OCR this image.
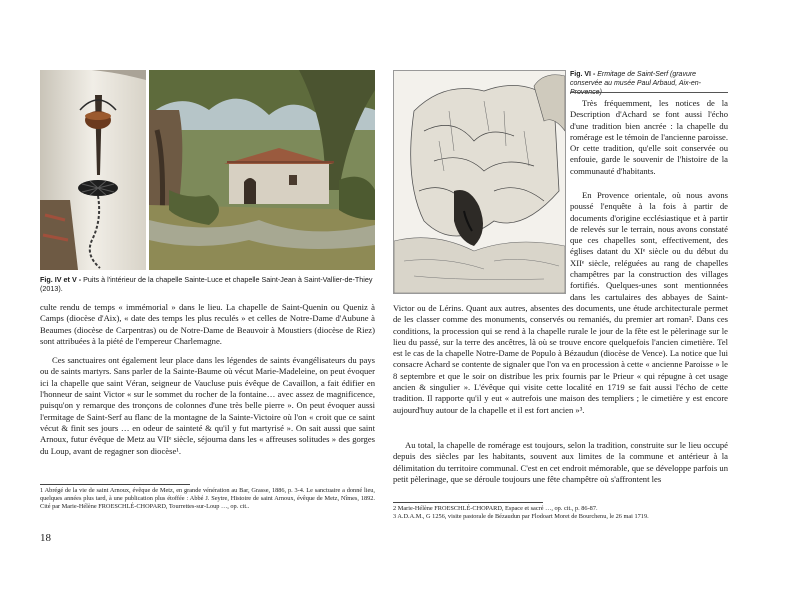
Fig. IV et V - Puits à l'intérieur de la chapelle Sainte-Luce et chapelle Saint-Jean à Saint-Vallier-de-Thiey (2013).
Fig. VI - Ermitage de Saint-Serf (gravure conservée au musée Paul Arbaud, Aix-en-Provence)

culte rendu de temps « immémorial » dans le lieu. La chapelle de Saint-Quenin ou Queniz à Camps (diocèse d'Aix), « date des temps les plus reculés » et celles de Notre-Dame d'Aubune à Beaumes (diocèse de Carpentras) ou de Notre-Dame de Beauvoir à Moustiers (diocèse de Riez) sont attribuées à la piété de l'empereur Charlemagne.

Ces sanctuaires ont également leur place dans les légendes de saints évangélisateurs du pays ou de saints martyrs. Sans parler de la Sainte-Baume où vécut Marie-Madeleine, on peut évoquer ici la chapelle que saint Véran, seigneur de Vaucluse puis évêque de Cavaillon, a fait édifier en l'honneur de saint Victor « sur le sommet du rocher de la fontaine… avec assez de magnificence, puisqu'on y remarque des tronçons de colonnes d'une très belle pierre ». On peut évoquer aussi l'ermitage de Saint-Serf au flanc de la montagne de la Sainte-Victoire où l'on « croit que ce saint vécut & finit ses jours … en odeur de sainteté & qu'il y fut martyrisé ». On sait aussi que saint Arnoux, futur évêque de Metz au VIIᵉ siècle, séjourna dans les « affreuses solitudes » des gorges du Loup, avant de regagner son diocèse¹.

1 Abrégé de la vie de saint Arnoux, évêque de Metz, en grande vénération au Bar, Grasse, 1886, p. 3-4. Le sanctuaire a donné lieu, quelques années plus tard, à une publication plus étoffée : Abbé J. Seytre, Histoire de saint Arnoux, évêque de Metz, Nîmes, 1892. Cité par Marie-Hélène FROESCHLÉ-CHOPARD, Tourrettes-sur-Loup …, op. cit..

18

Très fréquemment, les notices de la Description d'Achard se font aussi l'écho d'une tradition bien ancrée : la chapelle du romérage est le témoin de l'ancienne paroisse. Or cette tradition, qu'elle soit conservée ou enfouie, garde le souvenir de l'histoire de la communauté d'habitants.

En Provence orientale, où nous avons poussé l'enquête à la fois à partir de documents d'origine ecclésiastique et à partir de relevés sur le terrain, nous avons constaté que ces chapelles sont, effectivement, des églises datant du XIᵉ siècle ou du début du XIIᵉ siècle, reléguées au rang de chapelles champêtres par la construction des villages fortifiés. Quelques-unes sont mentionnées dans les cartulaires des abbayes de Saint-Victor ou de Lérins. Quant aux autres, absentes des documents, une étude architecturale permet de les classer comme des monuments, conservés ou remaniés, du premier art roman². Dans ces conditions, la procession qui se rend à la chapelle rurale le jour de la fête est le pèlerinage sur le lieu du passé, sur la terre des ancêtres, là où se trouve encore quelquefois l'ancien cimetière. Tel est le cas de la chapelle Notre-Dame de Populo à Bézaudun (diocèse de Vence). La notice que lui consacre Achard se contente de signaler que l'on va en procession à cette « ancienne Paroisse » le 8 septembre et que le soir on distribue les prix fournis par le Prieur « qui répugne à cet usage ancien & singulier ». L'évêque qui visite cette localité en 1719 se fait aussi l'écho de cette tradition. Il rapporte qu'il y eut « autrefois une maison des templiers ; le cimetière y est encore aujourd'huy autour de la chapelle et il est fort ancien »³.

Au total, la chapelle de romérage est toujours, selon la tradition, construite sur le lieu occupé depuis des siècles par les habitants, souvent aux limites de la commune et antérieur à la délimitation du territoire communal. C'est en cet endroit mémorable, que se développe parfois un petit pèlerinage, que se déroule toujours une fête champêtre où s'affrontent les

2 Marie-Hélène FROESCHLÉ-CHOPARD, Espace et sacré …, op. cit., p. 86-87.

3 A.D.A.M., G 1256, visite pastorale de Bézaudun par Flodoart Moret de Bourchenu, le 26 mai 1719.
